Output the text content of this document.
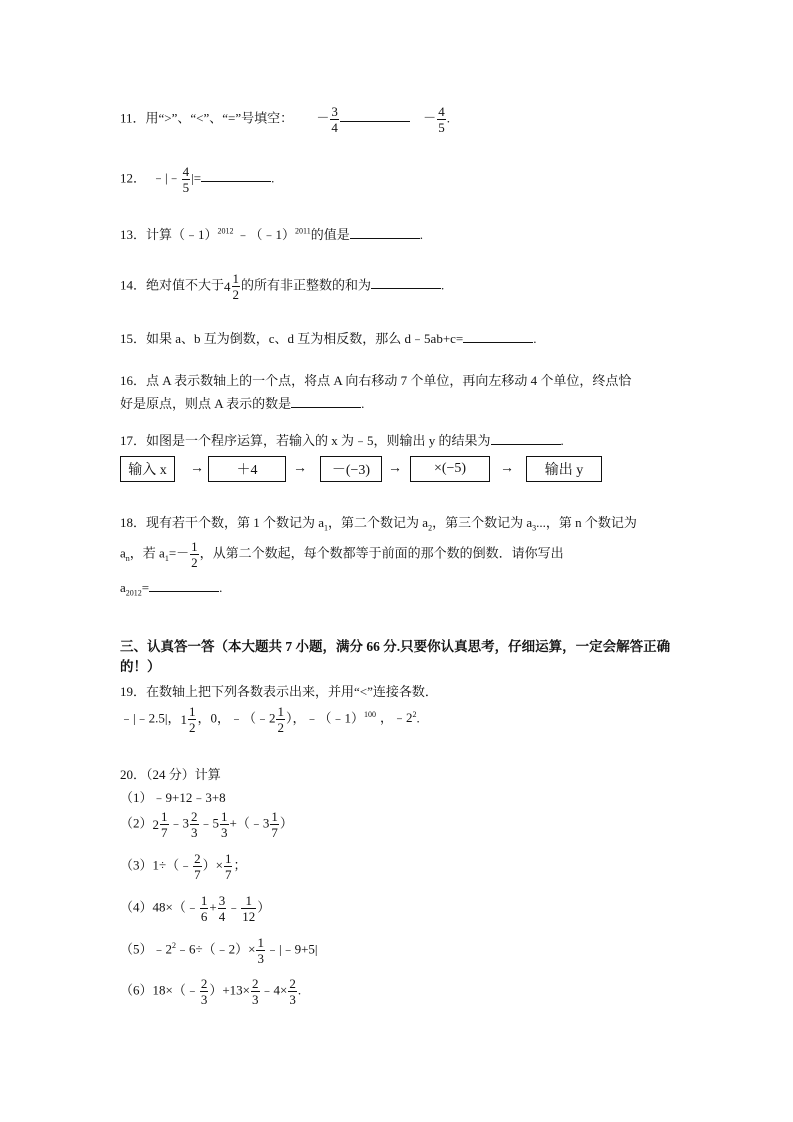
11．用“>”、“<”、“=”号填空： － $\frac{3}{4}$	－ $\frac{4}{5}$ .
12． ﹣|﹣ $\frac{4}{5}$ |=	.
13．计算（﹣1）$^{2012}$ ﹣（﹣1）$^{2011}$的值是	.
14．绝对值不大于 $4 \frac{1}{2}$ 的所有非正整数的和为	.
15．如果 a、b 互为倒数，c、d 互为相反数，那么 d﹣5ab+c=	.
16．点 A 表示数轴上的一个点，将点 A 向右移动 7 个单位，再向左移动 4 个单位，终点恰
好是原点，则点 A 表示的数是	.
17．如图是一个程序运算，若输入的 x 为﹣5，则输出 y 的结果为	.
输入 x → ＋4	→ －(−3) → ×(−5) → 输出 y
18．现有若干个数，第 1 个数记为 $a_1$，第二个数记为 $a_2$，第三个数记为 $a_3$...，第 n 个数记为
$a_n$，若 $a_1=- \frac{1}{2}$ ，从第二个数起，每个数都等于前面的那个数的倒数．请你写出
$a_{2012}=$	.
三、认真答一答（本大题共 7 小题，满分 66 分.只要你认真思考，仔细运算，一定会解答正确的！）
19．在数轴上把下列各数表示出来，并用“<”连接各数．
﹣|﹣2.5|， $1 \frac{1}{2}$ ，0，﹣（﹣2 $\frac{1}{2}$ ），﹣（﹣1）$^{100}$ ，$﹣2^2$.
20．（24 分）计算
（1）﹣9+12﹣3+8
（2） $2 \frac{1}{7}$ ﹣3 $\frac{2}{3}$ ﹣5 $\frac{1}{3}$ +（﹣3 $\frac{1}{7}$ ）
（3）1÷（﹣ $\frac{2}{7}$ ）× $\frac{1}{7}$ ；
（4）48×（﹣ $\frac{1}{6} + \frac{3}{4}$ ﹣ $\frac{1}{12}$ ）
$(5)﹣2^2﹣6\div(﹣2)\times \frac{1}{3}$ ﹣|﹣9+5|
（6）18×（﹣ $\frac{2}{3} )+13\times \frac{2}{3}$ ﹣4× $\frac{2}{3}$ .
